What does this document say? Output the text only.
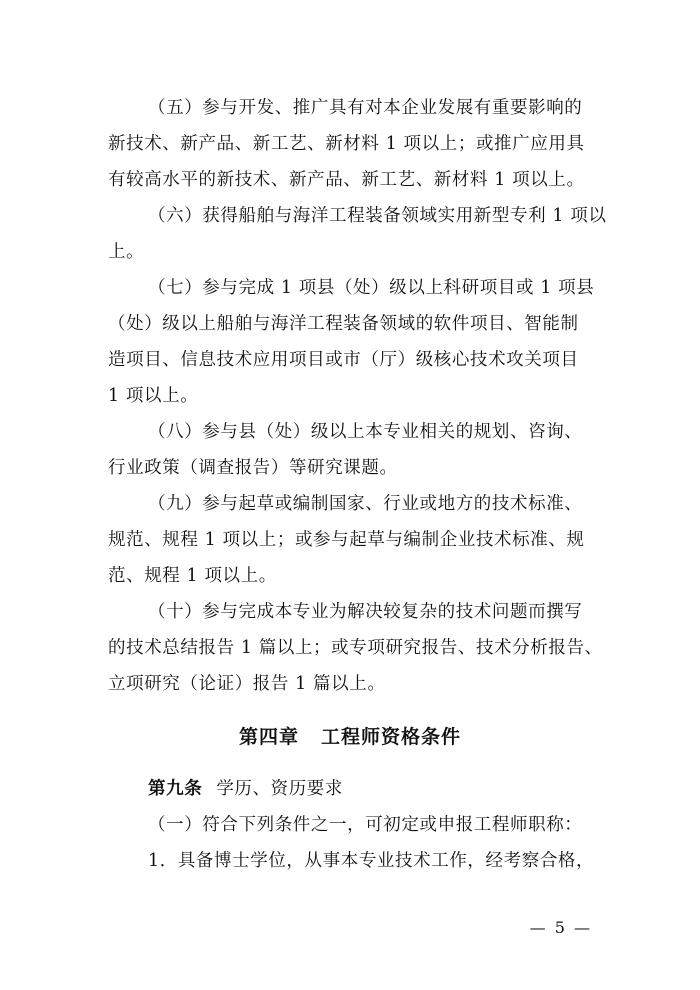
（五）参与开发、推广具有对本企业发展有重要影响的
新技术、新产品、新工艺、新材料 1 项以上；或推广应用具
有较高水平的新技术、新产品、新工艺、新材料 1 项以上。
（六）获得船舶与海洋工程装备领域实用新型专利 1 项以
上。
（七）参与完成 1 项县（处）级以上科研项目或 1 项县
（处）级以上船舶与海洋工程装备领域的软件项目、智能制
造项目、信息技术应用项目或市（厅）级核心技术攻关项目
1 项以上。
（八）参与县（处）级以上本专业相关的规划、咨询、
行业政策（调查报告）等研究课题。
（九）参与起草或编制国家、行业或地方的技术标准、
规范、规程 1 项以上；或参与起草与编制企业技术标准、规
范、规程 1 项以上。
（十）参与完成本专业为解决较复杂的技术问题而撰写
的技术总结报告 1 篇以上；或专项研究报告、技术分析报告、
立项研究（论证）报告 1 篇以上。
第四章 工程师资格条件
第九条 学历、资历要求
（一）符合下列条件之一，可初定或申报工程师职称：
1．具备博士学位，从事本专业技术工作，经考察合格，
— 5 —
